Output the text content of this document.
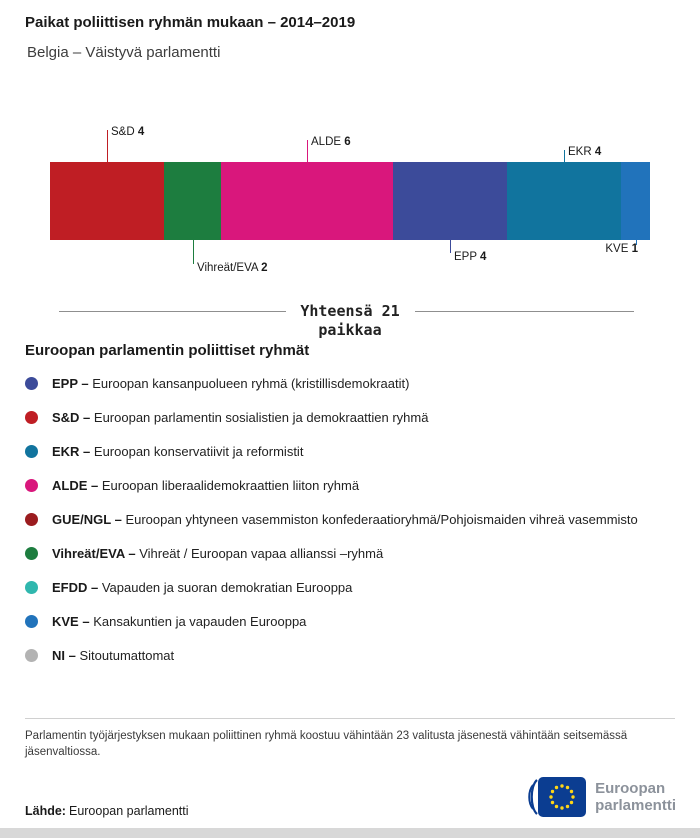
Paikat poliittisen ryhmän mukaan – 2014–2019
Belgia – Väistyvä parlamentti
S&D 4
Vihreät/EVA 2
ALDE 6
EPP 4
EKR 4
KVE 1
Yhteensä 21
paikkaa
Euroopan parlamentin poliittiset ryhmät
EPP – Euroopan kansanpuolueen ryhmä (kristillisdemokraatit)
S&D – Euroopan parlamentin sosialistien ja demokraattien ryhmä
EKR – Euroopan konservatiivit ja reformistit
ALDE – Euroopan liberaalidemokraattien liiton ryhmä
GUE/NGL – Euroopan yhtyneen vasemmiston konfederaatioryhmä/Pohjoismaiden vihreä vasemmisto
Vihreät/EVA – Vihreät / Euroopan vapaa allianssi –ryhmä
EFDD – Vapauden ja suoran demokratian Eurooppa
KVE – Kansakuntien ja vapauden Eurooppa
NI – Sitoutumattomat

Parlamentin työjärjestyksen mukaan poliittinen ryhmä koostuu vähintään 23 valitusta jäsenestä vähintään seitsemässä jäsenvaltiossa.

Lähde: Euroopan parlamentti
Euroopan
parlamentti
